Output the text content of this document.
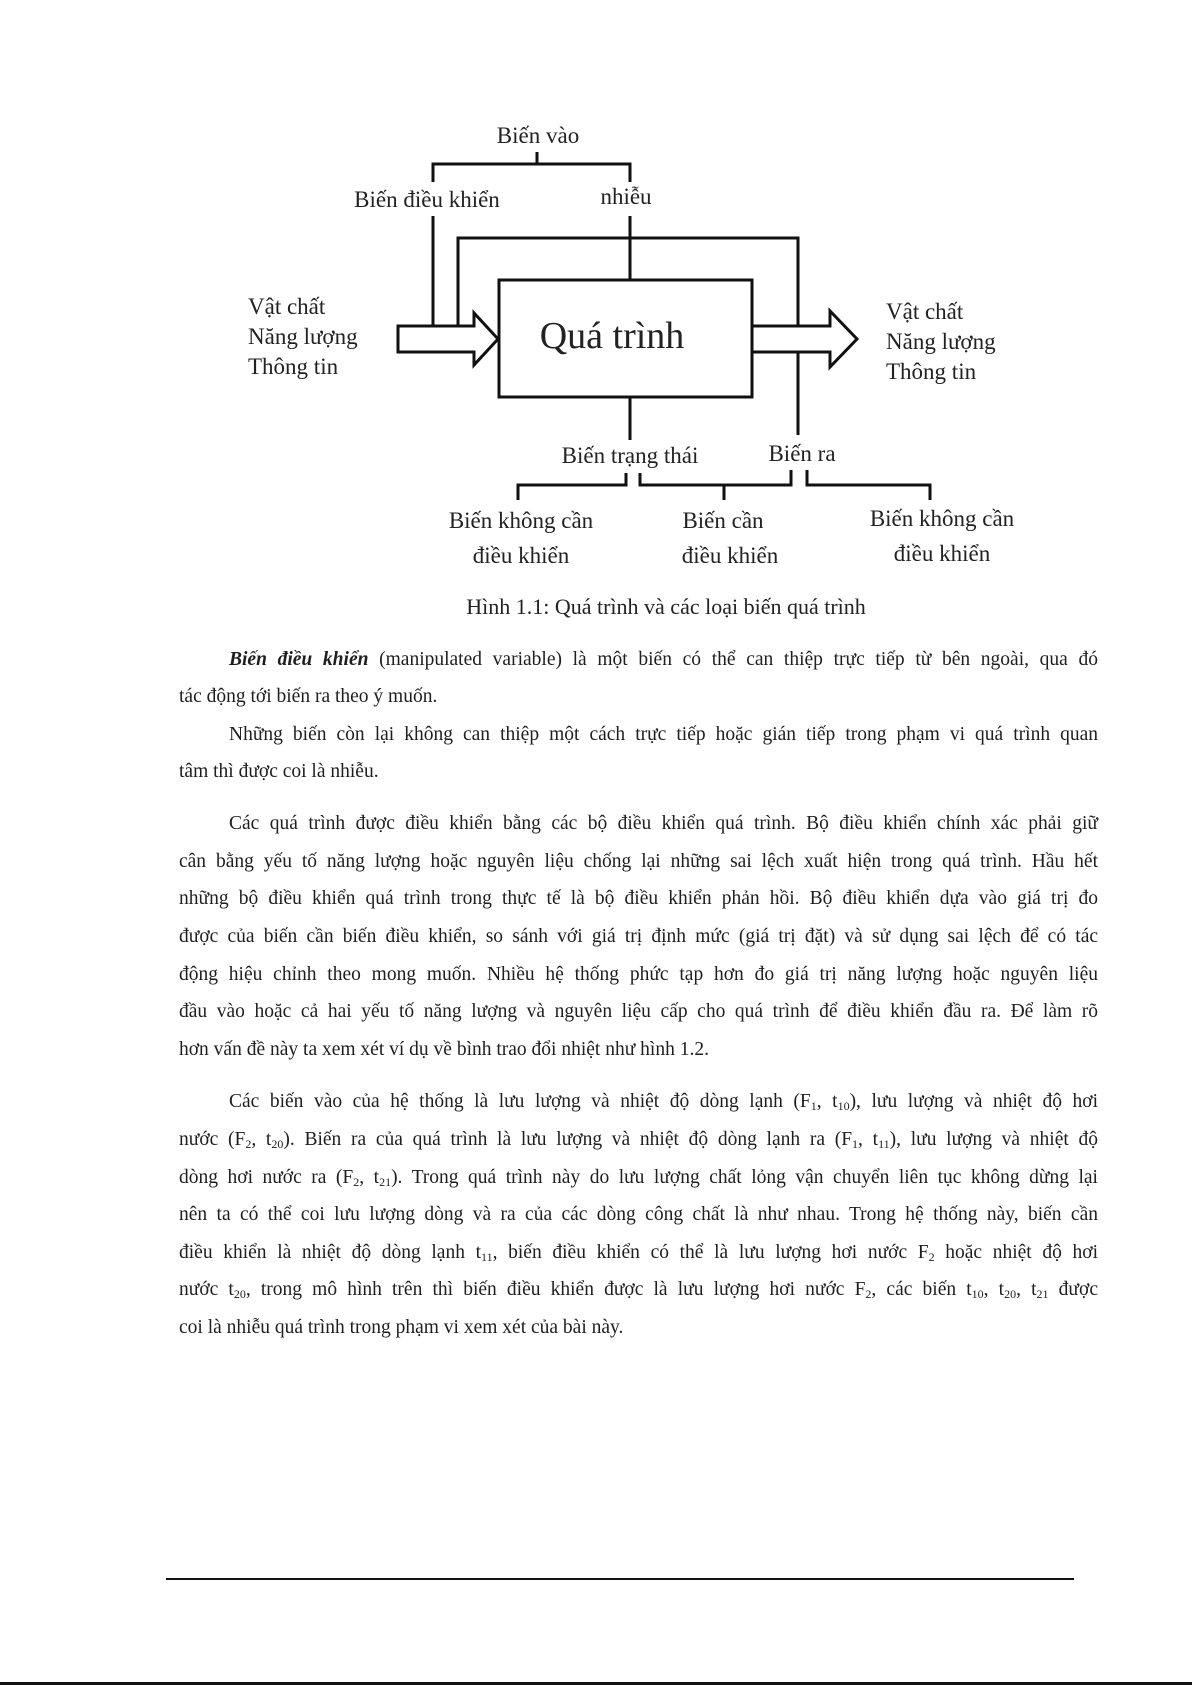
Biến vào
Biến điều khiển	nhiễu
Quá trình
Vật chất
Năng lượng
Thông tin
Vật chất
Năng lượng
Thông tin
Biến trạng thái	Biến ra
Biến không cần
điều khiển
Biến cần
điều khiển
Biến không cần
điều khiển
Hình 1.1: Quá trình và các loại biến quá trình
Biến điều khiển (manipulated variable) là một biến có thể can thiệp trực tiếp từ bên ngoài, qua đó
tác động tới biến ra theo ý muốn.
Những biến còn lại không can thiệp một cách trực tiếp hoặc gián tiếp trong phạm vi quá trình quan
tâm thì được coi là nhiễu.
Các quá trình được điều khiển bằng các bộ điều khiển quá trình. Bộ điều khiển chính xác phải giữ
cân bằng yếu tố năng lượng hoặc nguyên liệu chống lại những sai lệch xuất hiện trong quá trình. Hầu hết
những bộ điều khiển quá trình trong thực tế là bộ điều khiển phản hồi. Bộ điều khiển dựa vào giá trị đo
được của biến cần biến điều khiển, so sánh với giá trị định mức (giá trị đặt) và sử dụng sai lệch để có tác
động hiệu chỉnh theo mong muốn. Nhiều hệ thống phức tạp hơn đo giá trị năng lượng hoặc nguyên liệu
đầu vào hoặc cả hai yếu tố năng lượng và nguyên liệu cấp cho quá trình để điều khiển đầu ra. Để làm rõ
hơn vấn đề này ta xem xét ví dụ về bình trao đổi nhiệt như hình 1.2.
Các biến vào của hệ thống là lưu lượng và nhiệt độ dòng lạnh ($F_1$, $t_{10}$), lưu lượng và nhiệt độ hơi
nước ($F_2$, $t_{20}$). Biến ra của quá trình là lưu lượng và nhiệt độ dòng lạnh ra ($F_1$, $t_{11}$), lưu lượng và nhiệt độ
dòng hơi nước ra ($F_2$, $t_{21}$). Trong quá trình này do lưu lượng chất lỏng vận chuyển liên tục không dừng lại
nên ta có thể coi lưu lượng dòng và ra của các dòng công chất là như nhau. Trong hệ thống này, biến cần
điều khiển là nhiệt độ dòng lạnh $t_{11}$, biến điều khiển có thể là lưu lượng hơi nước $F_2$ hoặc nhiệt độ hơi
nước $t_{20}$, trong mô hình trên thì biến điều khiển được là lưu lượng hơi nước $F_2$, các biến $t_{10}$, $t_{20}$, $t_{21}$ được
coi là nhiễu quá trình trong phạm vi xem xét của bài này.
